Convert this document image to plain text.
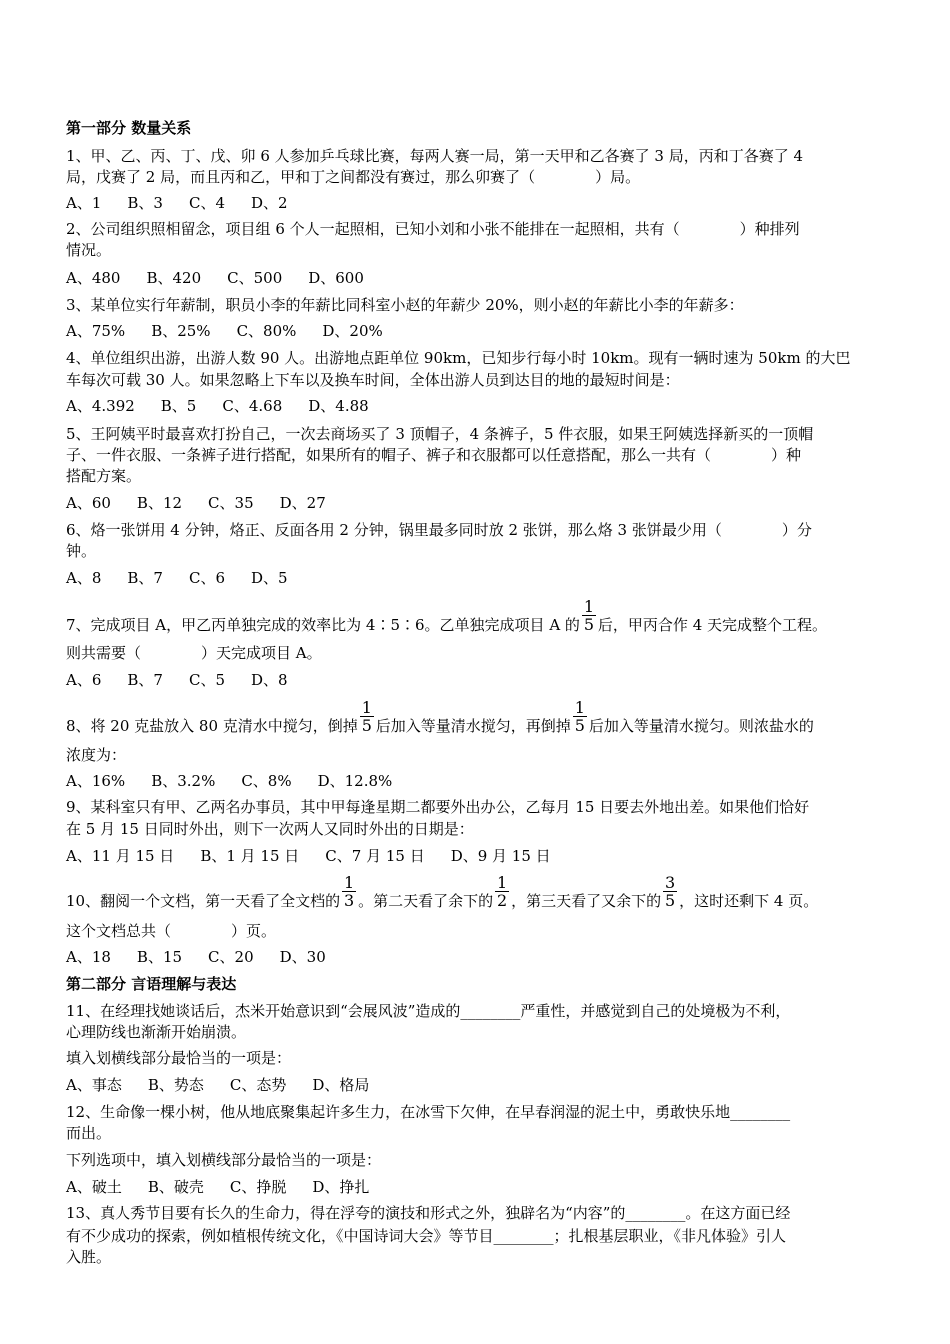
第一部分 数量关系
1、甲、乙、丙、丁、戊、卯 6 人参加乒乓球比赛，每两人赛一局，第一天甲和乙各赛了 3 局，丙和丁各赛了 4
局，戊赛了 2 局，而且丙和乙，甲和丁之间都没有赛过，那么卯赛了（　　　　）局。
A、1 B、3 C、4 D、2
2、公司组织照相留念，项目组 6 个人一起照相，已知小刘和小张不能排在一起照相，共有（　　　　）种排列
情况。
A、480 B、420 C、500 D、600
3、某单位实行年薪制，职员小李的年薪比同科室小赵的年薪少 20%，则小赵的年薪比小李的年薪多：
A、75% B、25% C、80% D、20%
4、单位组织出游，出游人数 90 人。出游地点距单位 90km，已知步行每小时 10km。现有一辆时速为 50km 的大巴
车每次可载 30 人。如果忽略上下车以及换车时间，全体出游人员到达目的地的最短时间是：
A、4.392 B、5 C、4.68 D、4.88
5、王阿姨平时最喜欢打扮自己，一次去商场买了 3 顶帽子，4 条裤子，5 件衣服，如果王阿姨选择新买的一顶帽
子、一件衣服、一条裤子进行搭配，如果所有的帽子、裤子和衣服都可以任意搭配，那么一共有（　　　　）种
搭配方案。
A、60 B、12 C、35 D、27
6、烙一张饼用 4 分钟，烙正、反面各用 2 分钟，锅里最多同时放 2 张饼，那么烙 3 张饼最少用（　　　　）分
钟。
A、8 B、7 C、6 D、5
7、完成项目 A，甲乙丙单独完成的效率比为 4∶5∶6。乙单独完成项目 A 的 $\frac{1}{5}$ 后，甲丙合作 4 天完成整个工程。
则共需要（　　　　）天完成项目 A。
A、6 B、7 C、5 D、8
8、将 20 克盐放入 80 克清水中搅匀，倒掉 $\frac{1}{5}$ 后加入等量清水搅匀，再倒掉 $\frac{1}{5}$ 后加入等量清水搅匀。则浓盐水的
浓度为：
A、16% B、3.2% C、8% D、12.8%
9、某科室只有甲、乙两名办事员，其中甲每逢星期二都要外出办公，乙每月 15 日要去外地出差。如果他们恰好
在 5 月 15 日同时外出，则下一次两人又同时外出的日期是：
A、11 月 15 日 B、1 月 15 日 C、7 月 15 日 D、9 月 15 日
10、翻阅一个文档，第一天看了全文档的 $\frac{1}{3}$ 。第二天看了余下的 $\frac{1}{2}$ ，第三天看了又余下的 $\frac{3}{5}$ ，这时还剩下 4 页。
这个文档总共（　　　　）页。
A、18 B、15 C、20 D、30
第二部分 言语理解与表达
11、在经理找她谈话后，杰米开始意识到“会展风波”造成的________严重性，并感觉到自己的处境极为不利，
心理防线也渐渐开始崩溃。
填入划横线部分最恰当的一项是：
A、事态 B、势态 C、态势 D、格局
12、生命像一棵小树，他从地底聚集起许多生力，在冰雪下欠伸，在早春润湿的泥土中，勇敢快乐地________
而出。
下列选项中，填入划横线部分最恰当的一项是：
A、破土 B、破壳 C、挣脱 D、挣扎
13、真人秀节目要有长久的生命力，得在浮夸的演技和形式之外，独辟名为“内容”的________。在这方面已经
有不少成功的探索，例如植根传统文化，《中国诗词大会》等节目________；扎根基层职业，《非凡体验》引人
入胜。
